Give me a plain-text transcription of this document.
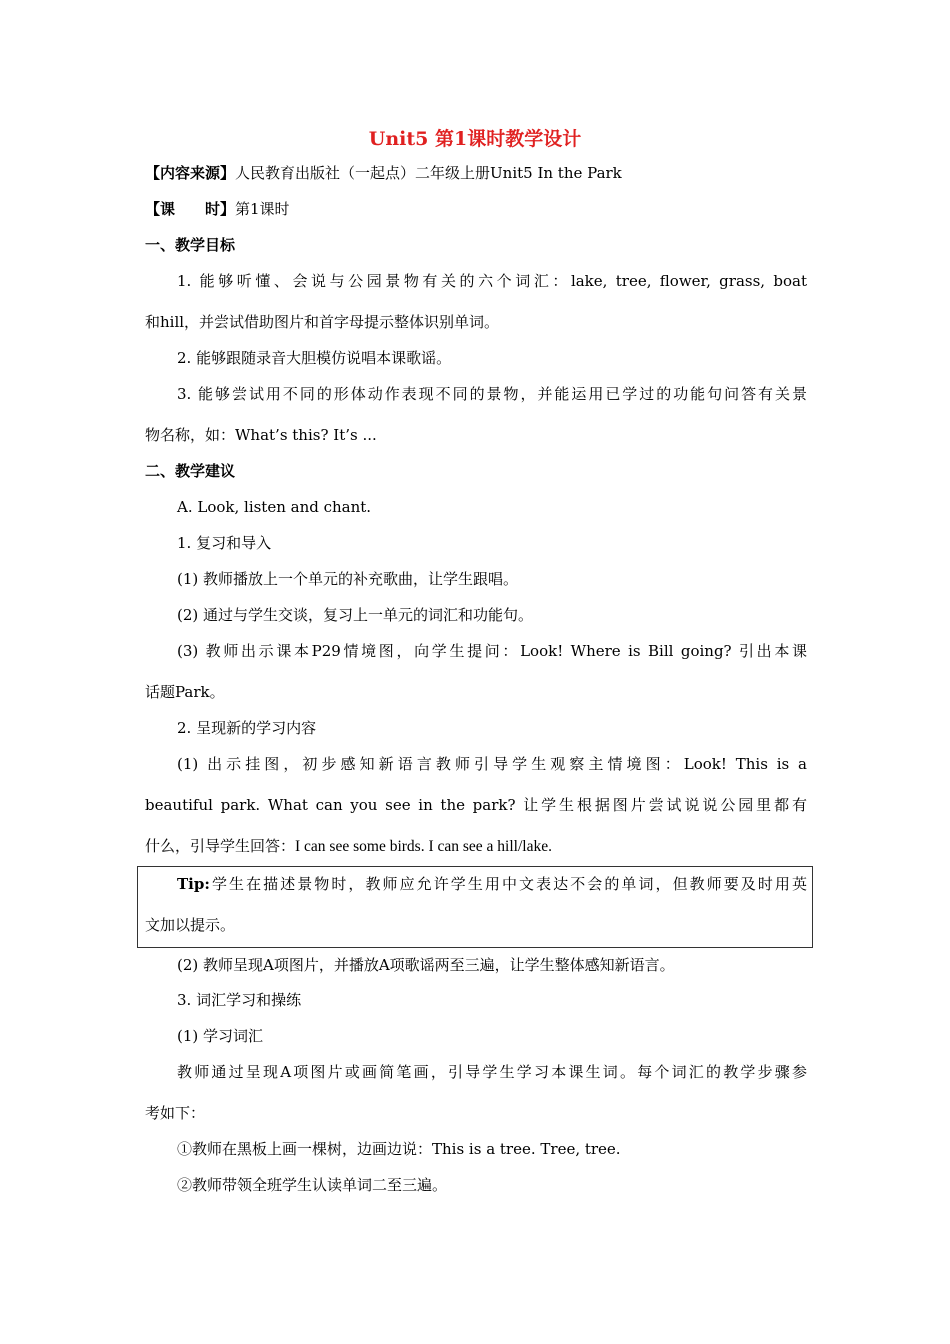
Unit5 第1课时教学设计
【内容来源】人民教育出版社（一起点）二年级上册Unit5 In the Park
【课　　时】第1课时
一、教学目标
1. 能够听懂、会说与公园景物有关的六个词汇：lake, tree, flower, grass, boat
和hill，并尝试借助图片和首字母提示整体识别单词。
2. 能够跟随录音大胆模仿说唱本课歌谣。
3. 能够尝试用不同的形体动作表现不同的景物，并能运用已学过的功能句问答有关景
物名称，如：What’s this? It’s ...
二、教学建议
A. Look, listen and chant.
1. 复习和导入
(1) 教师播放上一个单元的补充歌曲，让学生跟唱。
(2) 通过与学生交谈，复习上一单元的词汇和功能句。
(3) 教师出示课本P29情境图，向学生提问：Look! Where is Bill going? 引出本课
话题Park。
2. 呈现新的学习内容
(1) 出示挂图，初步感知新语言教师引导学生观察主情境图：Look! This is a
beautiful park. What can you see in the park? 让学生根据图片尝试说说公园里都有
什么，引导学生回答：I can see some birds. I can see a hill/lake.
Tip:学生在描述景物时，教师应允许学生用中文表达不会的单词，但教师要及时用英
文加以提示。
(2) 教师呈现A项图片，并播放A项歌谣两至三遍，让学生整体感知新语言。
3. 词汇学习和操练
(1) 学习词汇
教师通过呈现A项图片或画简笔画，引导学生学习本课生词。每个词汇的教学步骤参
考如下：
①教师在黑板上画一棵树，边画边说：This is a tree. Tree, tree.
②教师带领全班学生认读单词二至三遍。
